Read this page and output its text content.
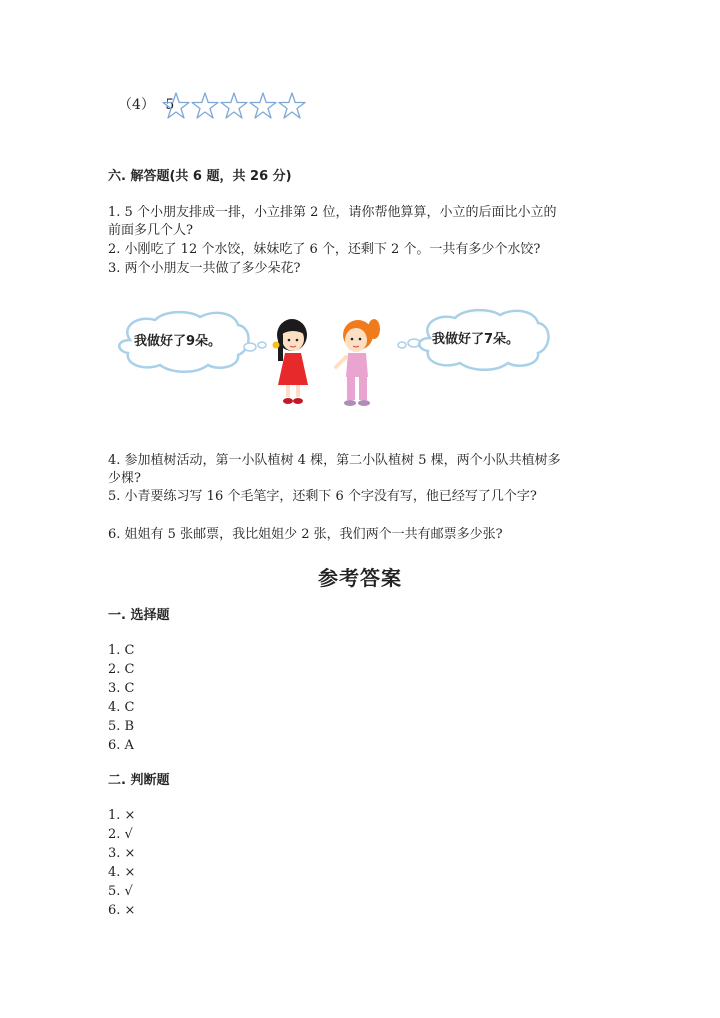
（4） 5
六. 解答题(共 6 题，共 26 分)
1. 5 个小朋友排成一排，小立排第 2 位，请你帮他算算，小立的后面比小立的
前面多几个人?
2. 小刚吃了 12 个水饺，妹妹吃了 6 个，还剩下 2 个。一共有多少个水饺?
3. 两个小朋友一共做了多少朵花?
我做好了9朵。	我做好了7朵。
4. 参加植树活动，第一小队植树 4 棵，第二小队植树 5 棵，两个小队共植树多
少棵?
5. 小青要练习写 16 个毛笔字，还剩下 6 个字没有写，他已经写了几个字?
6. 姐姐有 5 张邮票，我比姐姐少 2 张，我们两个一共有邮票多少张?
参考答案
一. 选择题
1. C
2. C
3. C
4. C
5. B
6. A
二. 判断题
1. ×
2. √
3. ×
4. ×
5. √
6. ×
